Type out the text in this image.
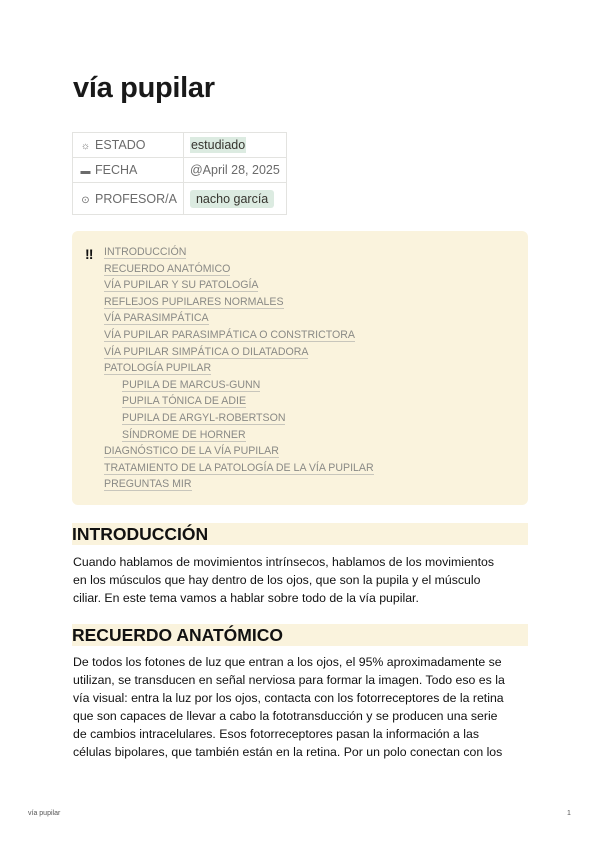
vía pupilar
☼ ESTADO	estudiado
▬ FECHA	@April 28, 2025
⊙ PROFESOR/A	nacho garcía
‼ INTRODUCCIÓN
RECUERDO ANATÓMICO
VÍA PUPILAR Y SU PATOLOGÍA
REFLEJOS PUPILARES NORMALES
VÍA PARASIMPÁTICA
VÍA PUPILAR PARASIMPÁTICA O CONSTRICTORA
VÍA PUPILAR SIMPÁTICA O DILATADORA
PATOLOGÍA PUPILAR
PUPILA DE MARCUS-GUNN
PUPILA TÓNICA DE ADIE
PUPILA DE ARGYL-ROBERTSON
SÍNDROME DE HORNER
DIAGNÓSTICO DE LA VÍA PUPILAR
TRATAMIENTO DE LA PATOLOGÍA DE LA VÍA PUPILAR
PREGUNTAS MIR
INTRODUCCIÓN
Cuando hablamos de movimientos intrínsecos, hablamos de los movimientos
en los músculos que hay dentro de los ojos, que son la pupila y el músculo
ciliar. En este tema vamos a hablar sobre todo de la vía pupilar.
RECUERDO ANATÓMICO
De todos los fotones de luz que entran a los ojos, el 95% aproximadamente se
utilizan, se transducen en señal nerviosa para formar la imagen. Todo eso es la
vía visual: entra la luz por los ojos, contacta con los fotorreceptores de la retina
que son capaces de llevar a cabo la fototransducción y se producen una serie
de cambios intracelulares. Esos fotorreceptores pasan la información a las
células bipolares, que también están en la retina. Por un polo conectan con los
vía pupilar	1
